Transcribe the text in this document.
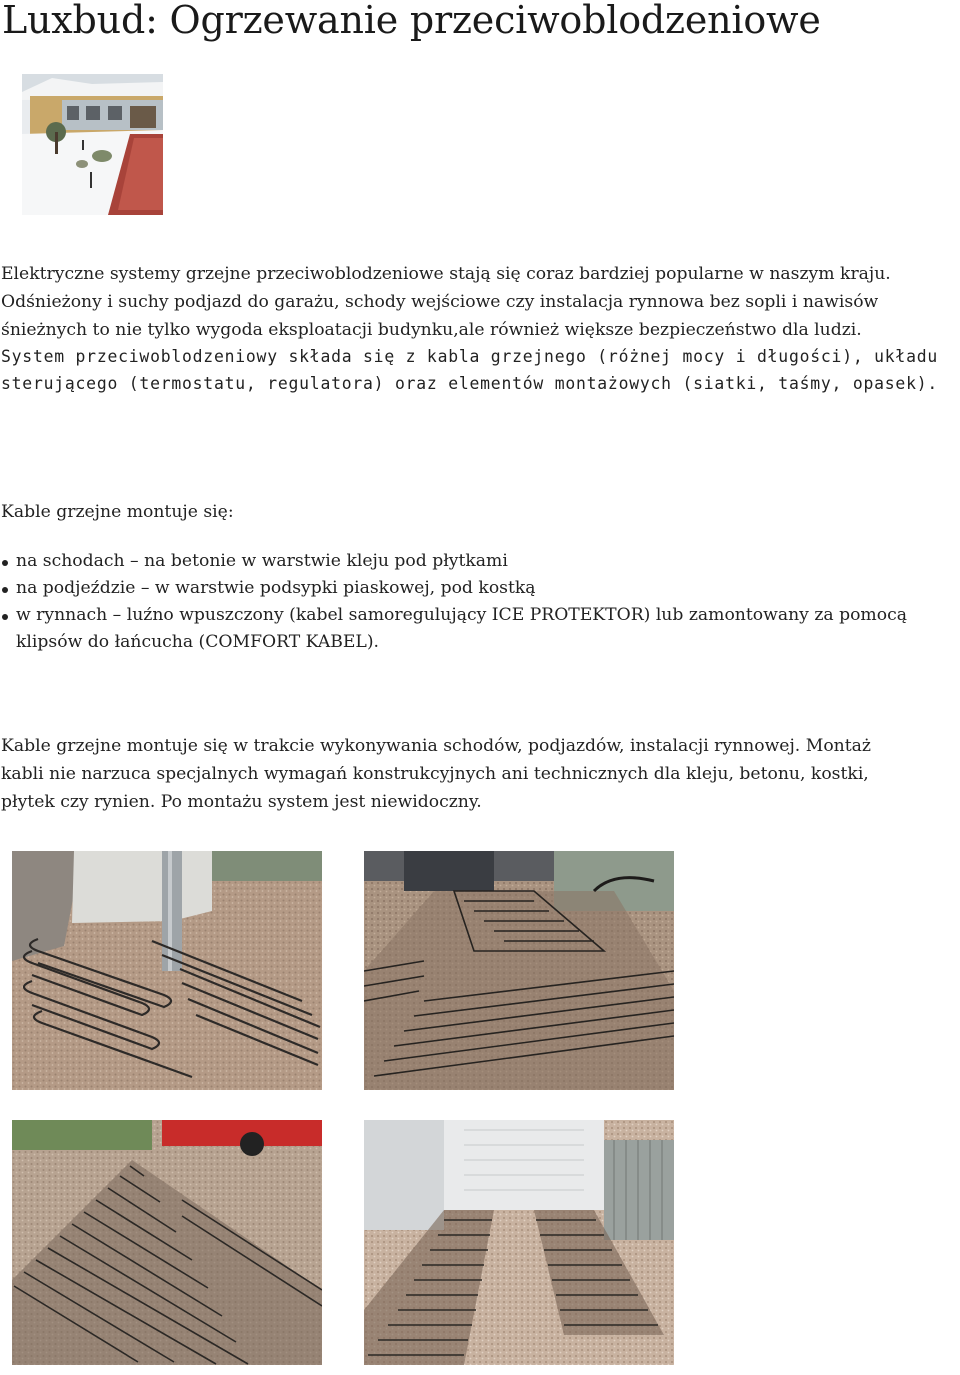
Luxbud: Ogrzewanie przeciwoblodzeniowe

Elektryczne systemy grzejne przeciwoblodzeniowe stają się coraz bardziej popularne w naszym kraju.

Odśnieżony i suchy podjazd do garażu, schody wejściowe czy instalacja rynnowa bez sopli i nawisów

śnieżnych to nie tylko wygoda eksploatacji budynku,ale również większe bezpieczeństwo dla ludzi.

System przeciwoblodzeniowy składa się z kabla grzejnego (różnej mocy i długości), układu

sterującego (termostatu, regulatora) oraz elementów montażowych (siatki, taśmy, opasek).

Kable grzejne montuje się:

na schodach – na betonie w warstwie kleju pod płytkami
na podjeździe – w warstwie podsypki piaskowej, pod kostką
w rynnach – luźno wpuszczony (kabel samoregulujący ICE PROTEKTOR) lub zamontowany za pomocą klipsów do łańcucha (COMFORT KABEL).

Kable grzejne montuje się w trakcie wykonywania schodów, podjazdów, instalacji rynnowej. Montaż

kabli nie narzuca specjalnych wymagań konstrukcyjnych ani technicznych dla kleju, betonu, kostki,

płytek czy rynien. Po montażu system jest niewidoczny.
